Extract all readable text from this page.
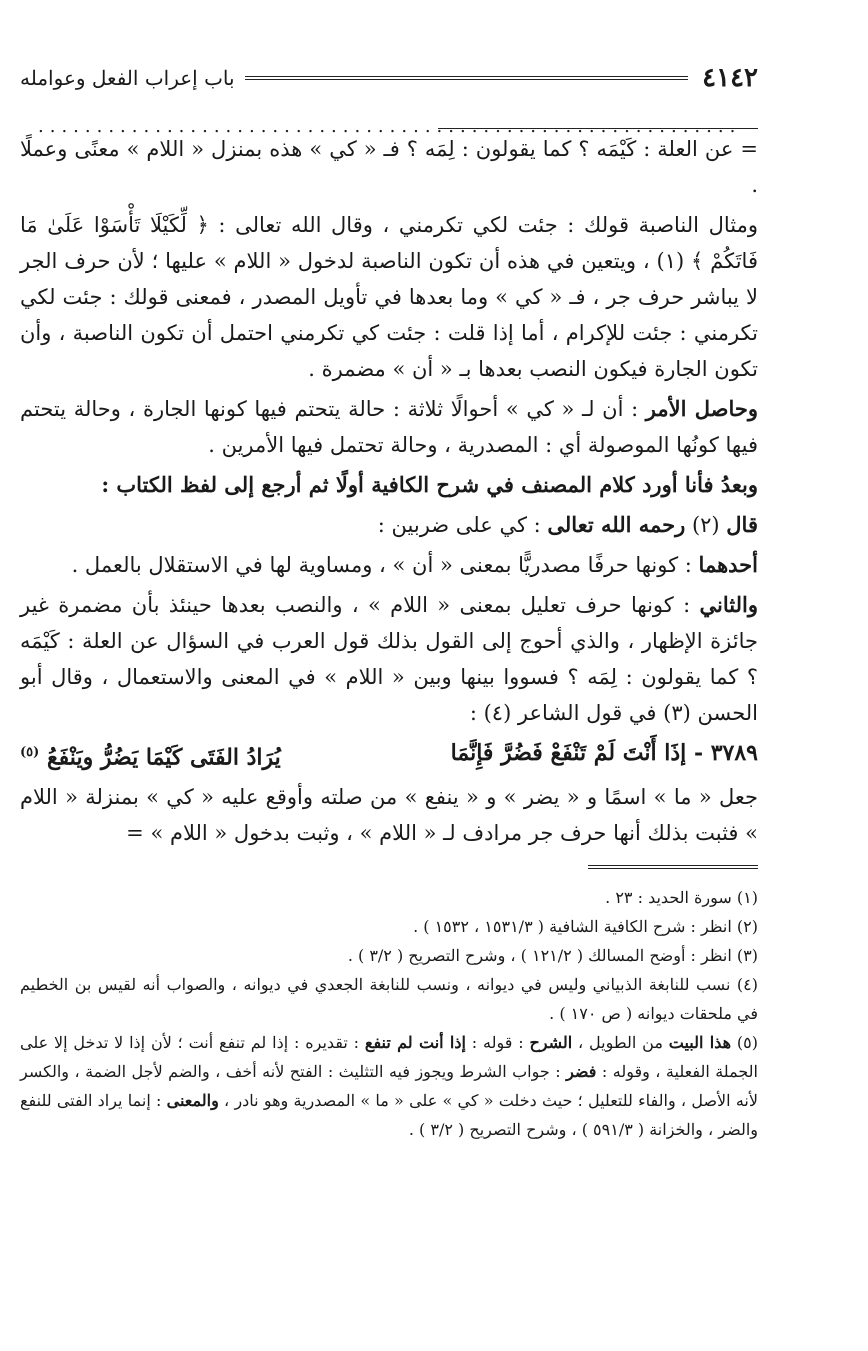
٤١٤٢
باب إعراب الفعل وعوامله
............................................................

= عن العلة : كَيْمَه ؟ كما يقولون : لِمَه ؟ فـ « كي » هذه بمنزل « اللام » معنًى وعملًا .

ومثال الناصبة قولك : جئت لكي تكرمني ، وقال الله تعالى : ﴿ لِّكَيْلَا تَأْسَوْا عَلَىٰ مَا فَاتَكُمْ ﴾ (١) ، ويتعين في هذه أن تكون الناصبة لدخول « اللام » عليها ؛ لأن حرف الجر لا يباشر حرف جر ، فـ « كي » وما بعدها في تأويل المصدر ، فمعنى قولك : جئت لكي تكرمني : جئت للإكرام ، أما إذا قلت : جئت كي تكرمني احتمل أن تكون الناصبة ، وأن تكون الجارة فيكون النصب بعدها بـ « أن » مضمرة .

وحاصل الأمر : أن لـ « كي » أحوالًا ثلاثة : حالة يتحتم فيها كونها الجارة ، وحالة يتحتم فيها كونُها الموصولة أي : المصدرية ، وحالة تحتمل فيها الأمرين .

وبعدُ فأنا أورد كلام المصنف في شرح الكافية أولًا ثم أرجع إلى لفظ الكتاب :

قال (٢) رحمه الله تعالى : كي على ضربين :

أحدهما : كونها حرفًا مصدريًّا بمعنى « أن » ، ومساوية لها في الاستقلال بالعمل .

والثاني : كونها حرف تعليل بمعنى « اللام » ، والنصب بعدها حينئذ بأن مضمرة غير جائزة الإظهار ، والذي أحوج إلى القول بذلك قول العرب في السؤال عن العلة : كَيْمَه ؟ كما يقولون : لِمَه ؟ فسووا بينها وبين « اللام » في المعنى والاستعمال ، وقال أبو الحسن (٣) في قول الشاعر (٤) :

٣٧٨٩ - إذَا أَنْتَ لَمْ تَنْفَعْ فَضُرَّ فَإِنَّمَا
يُرَادُ الفَتَى كَيْمَا يَضُرُّ ويَنْفَعُ $^{(٥)}$

جعل « ما » اسمًا و « يضر » و « ينفع » من صلته وأوقع عليه « كي » بمنزلة « اللام » فثبت بذلك أنها حرف جر مرادف لـ « اللام » ، وثبت بدخول « اللام » =

(١) سورة الحديد : ٢٣ .

(٢) انظر : شرح الكافية الشافية ( ١٥٣١/٣ ، ١٥٣٢ ) .

(٣) انظر : أوضح المسالك ( ١٢١/٢ ) ، وشرح التصريح ( ٣/٢ ) .

(٤) نسب للنابغة الذبياني وليس في ديوانه ، ونسب للنابغة الجعدي في ديوانه ، والصواب أنه لقيس بن الخطيم في ملحقات ديوانه ( ص ١٧٠ ) .

(٥) هذا البيت من الطويل ، الشرح : قوله : إذا أنت لم تنفع : تقديره : إذا لم تنفع أنت ؛ لأن إذا لا تدخل إلا على الجملة الفعلية ، وقوله : فضر : جواب الشرط ويجوز فيه التثليث : الفتح لأنه أخف ، والضم لأجل الضمة ، والكسر لأنه الأصل ، والفاء للتعليل ؛ حيث دخلت « كي » على « ما » المصدرية وهو نادر ، والمعنى : إنما يراد الفتى للنفع والضر ، والخزانة ( ٥٩١/٣ ) ، وشرح التصريح ( ٣/٢ ) .
